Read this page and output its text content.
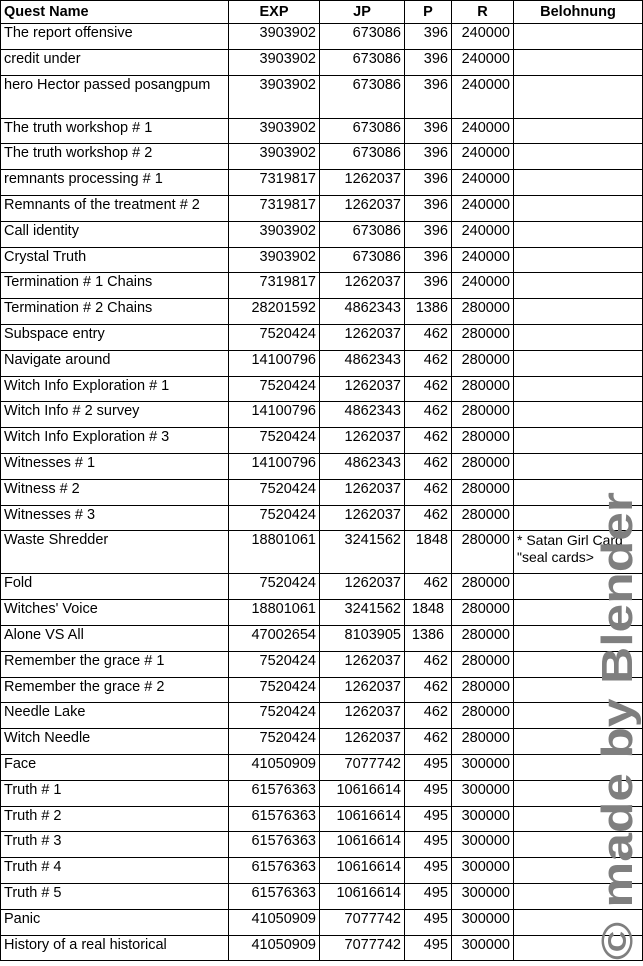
Quest Name	EXP	JP	P	R	Belohnung
The report offensive	3903902	673086	396	240000	
credit under	3903902	673086	396	240000	
hero Hector passed posangpum	3903902	673086	396	240000	
The truth workshop # 1	3903902	673086	396	240000	
The truth workshop # 2	3903902	673086	396	240000	
remnants processing # 1	7319817	1262037	396	240000	
Remnants of the treatment # 2	7319817	1262037	396	240000	
Call identity	3903902	673086	396	240000	
Crystal Truth	3903902	673086	396	240000	
Termination # 1 Chains	7319817	1262037	396	240000	
Termination # 2 Chains	28201592	4862343	1386	280000	
Subspace entry	7520424	1262037	462	280000	
Navigate around	14100796	4862343	462	280000	
Witch Info Exploration # 1	7520424	1262037	462	280000	
Witch Info # 2 survey	14100796	4862343	462	280000	
Witch Info Exploration # 3	7520424	1262037	462	280000	
Witnesses # 1	14100796	4862343	462	280000	
Witness # 2	7520424	1262037	462	280000	
Witnesses # 3	7520424	1262037	462	280000	
Waste Shredder	18801061	3241562	1848	280000	* Satan Girl Card
"seal cards>
Fold	7520424	1262037	462	280000	
Witches' Voice	18801061	3241562	1848	280000	
Alone VS All	47002654	8103905	1386	280000	
Remember the grace # 1	7520424	1262037	462	280000	
Remember the grace # 2	7520424	1262037	462	280000	
Needle Lake	7520424	1262037	462	280000	
Witch Needle	7520424	1262037	462	280000	
Face	41050909	7077742	495	300000	
Truth # 1	61576363	10616614	495	300000	
Truth # 2	61576363	10616614	495	300000	
Truth # 3	61576363	10616614	495	300000	
Truth # 4	61576363	10616614	495	300000	
Truth # 5	61576363	10616614	495	300000	
Panic	41050909	7077742	495	300000	
History of a real historical	41050909	7077742	495	300000	© made by Blender
